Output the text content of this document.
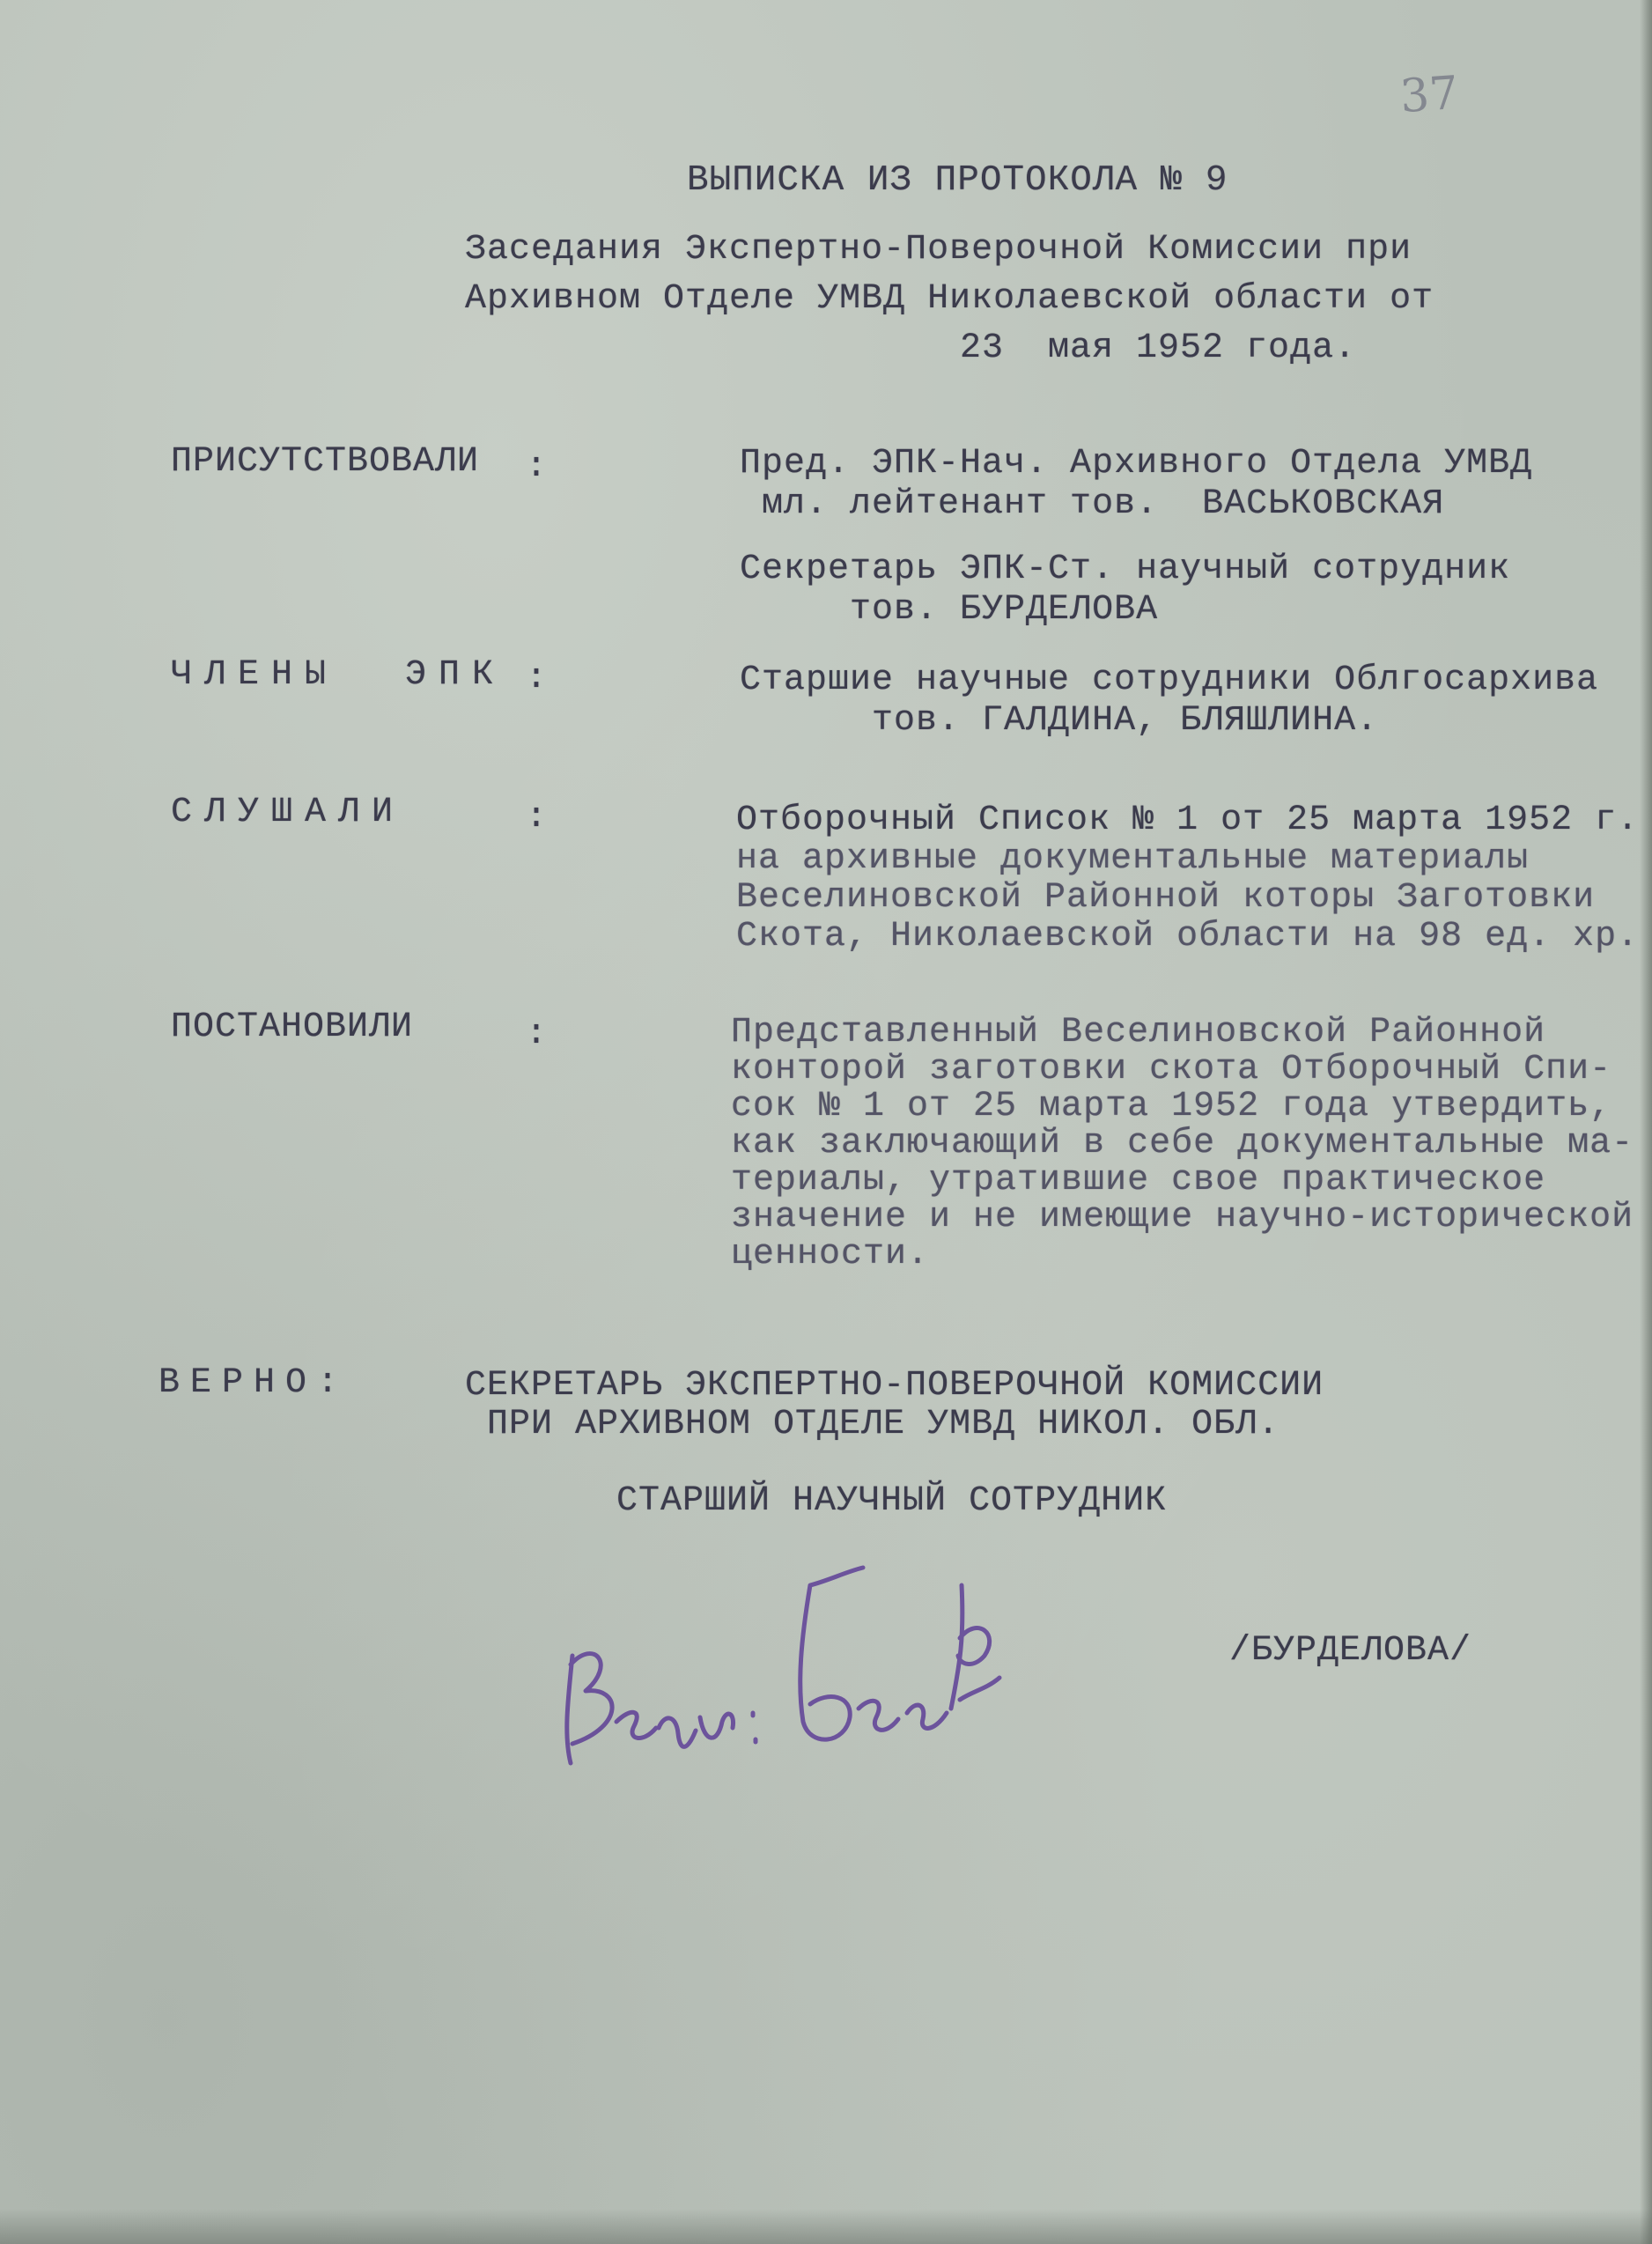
37
ВЫПИСКА ИЗ ПРОТОКОЛА № 9
Заседания Экспертно-Поверочной Комиссии при
Архивном Отделе УМВД Николаевской области от
23  мая 1952 года.
ПРИСУТСТВОВАЛИ :	Пред. ЭПК-Нач. Архивного Отдела УМВД
мл. лейтенант тов.  ВАСЬКОВСКАЯ
Секретарь ЭПК-Ст. научный сотрудник
тов. БУРДЕЛОВА
ЧЛЕНЫ  ЭПК :	Старшие научные сотрудники Облгосархива
тов. ГАЛДИНА, БЛЯШЛИНА.
СЛУШАЛИ	:	Отборочный Список № 1 от 25 марта 1952 г.
на архивные документальные материалы
Веселиновской Районной которы Заготовки
Скота, Николаевской области на 98 ед. хр.
ПОСТАНОВИЛИ	:	Представленный Веселиновской Районной
конторой заготовки скота Отборочный Спи-
сок № 1 от 25 марта 1952 года утвердить,
как заключающий в себе документальные ма-
териалы, утратившие свое практическое
значение и не имеющие научно-исторической
ценности.
ВЕРНО:	СЕКРЕТАРЬ ЭКСПЕРТНО-ПОВЕРОЧНОЙ КОМИССИИ
ПРИ АРХИВНОМ ОТДЕЛЕ УМВД НИКОЛ. ОБЛ.
СТАРШИЙ НАУЧНЫЙ СОТРУДНИК
/БУРДЕЛОВА/
